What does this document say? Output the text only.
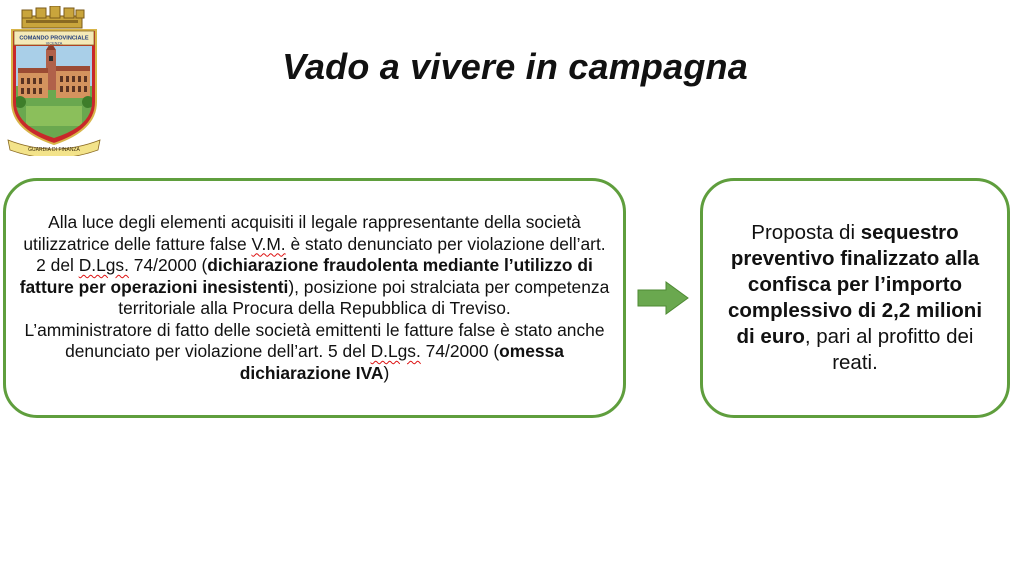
COMANDO PROVINCIALE
VICENZA
GUARDIA DI FINANZA
Vado a vivere in campagna

Alla luce degli elementi acquisiti il legale rappresentante della società utilizzatrice delle fatture false V.M. è stato denunciato per violazione dell’art. 2 del D.Lgs. 74/2000 (dichiarazione fraudolenta mediante l’utilizzo di fatture per operazioni inesistenti), posizione poi stralciata per competenza territoriale alla Procura della Repubblica di Treviso.

L’amministratore di fatto delle società emittenti le fatture false è stato anche denunciato per violazione dell’art. 5 del D.Lgs. 74/2000 (omessa dichiarazione IVA)

Proposta di sequestro preventivo finalizzato alla confisca per l’importo complessivo di 2,2 milioni di euro, pari al profitto dei reati.
